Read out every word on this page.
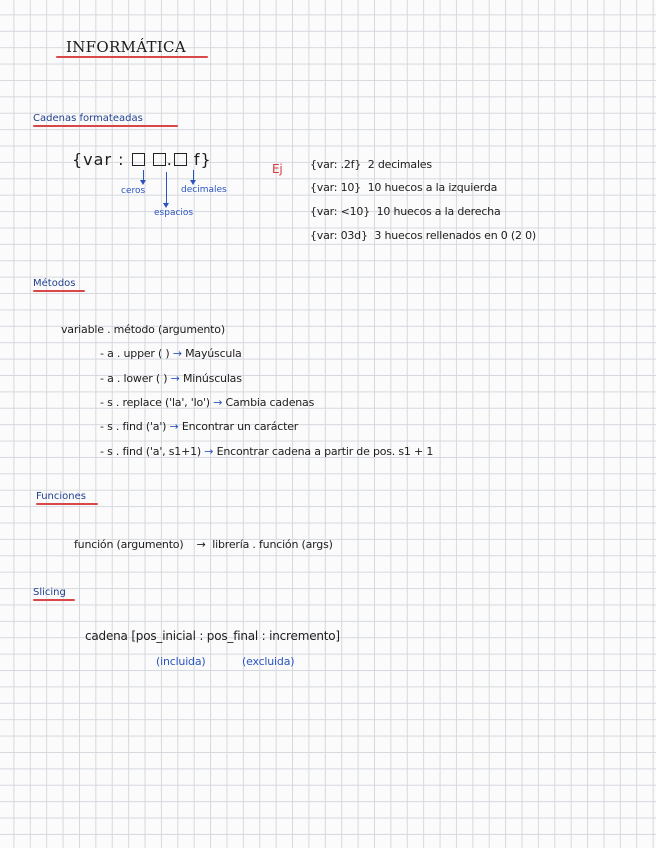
INFORMÁTICA
Cadenas formateadas
{var :	. f}
ceros	decimales
espacios
Ej {var: .2f} 2 decimales
{var: 10} 10 huecos a la izquierda
{var: <10} 10 huecos a la derecha
{var: 03d} 3 huecos rellenados en 0 (2 0)
Métodos
variable . método (argumento)
- a . upper ( ) → Mayúscula
- a . lower ( ) → Minúsculas
- s . replace ('la', 'lo') → Cambia cadenas
- s . find ('a') → Encontrar un carácter
- s . find ('a', s1+1) → Encontrar cadena a partir de pos. s1 + 1
Funciones
función (argumento) → librería . función (args)
Slicing
cadena [pos_inicial : pos_final : incremento]
(incluida)	(excluida)
